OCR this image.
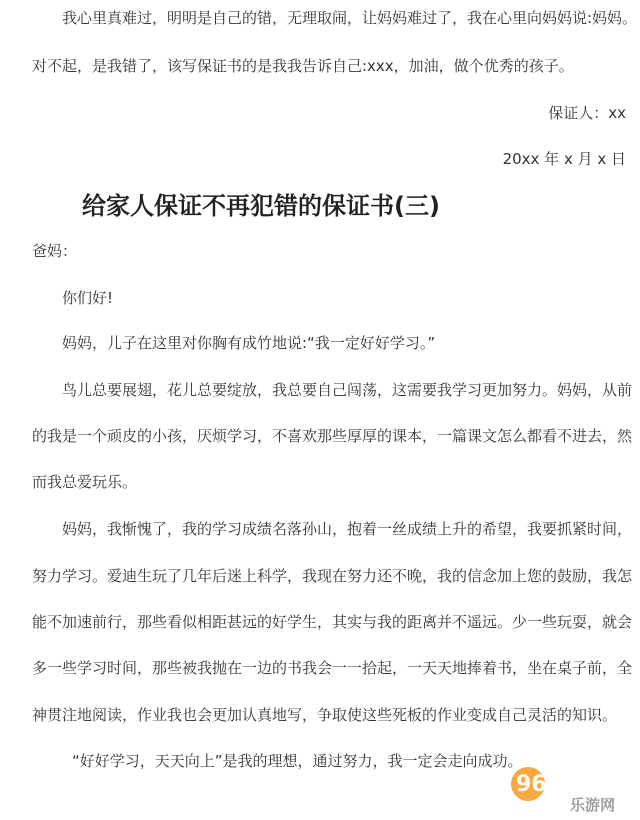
我心里真难过，明明是自己的错，无理取闹，让妈妈难过了，我在心里向妈妈说:妈妈。
对不起，是我错了，该写保证书的是我我告诉自己:xxx，加油，做个优秀的孩子。
保证人：xx
20xx 年 x 月 x 日
给家人保证不再犯错的保证书(三)
爸妈：
你们好!
妈妈，儿子在这里对你胸有成竹地说:“我一定好好学习。”
鸟儿总要展翅，花儿总要绽放，我总要自己闯荡，这需要我学习更加努力。妈妈，从前
的我是一个顽皮的小孩，厌烦学习，不喜欢那些厚厚的课本，一篇课文怎么都看不进去，然
而我总爱玩乐。
妈妈，我惭愧了，我的学习成绩名落孙山，抱着一丝成绩上升的希望，我要抓紧时间，
努力学习。爱迪生玩了几年后迷上科学，我现在努力还不晚，我的信念加上您的鼓励，我怎
能不加速前行，那些看似相距甚远的好学生，其实与我的距离并不遥远。少一些玩耍，就会
多一些学习时间，那些被我抛在一边的书我会一一拾起，一天天地捧着书，坐在桌子前，全
神贯注地阅读，作业我也会更加认真地写，争取使这些死板的作业变成自己灵活的知识。
“好好学习，天天向上”是我的理想，通过努力，我一定会走向成功。
962.NET
乐游网
